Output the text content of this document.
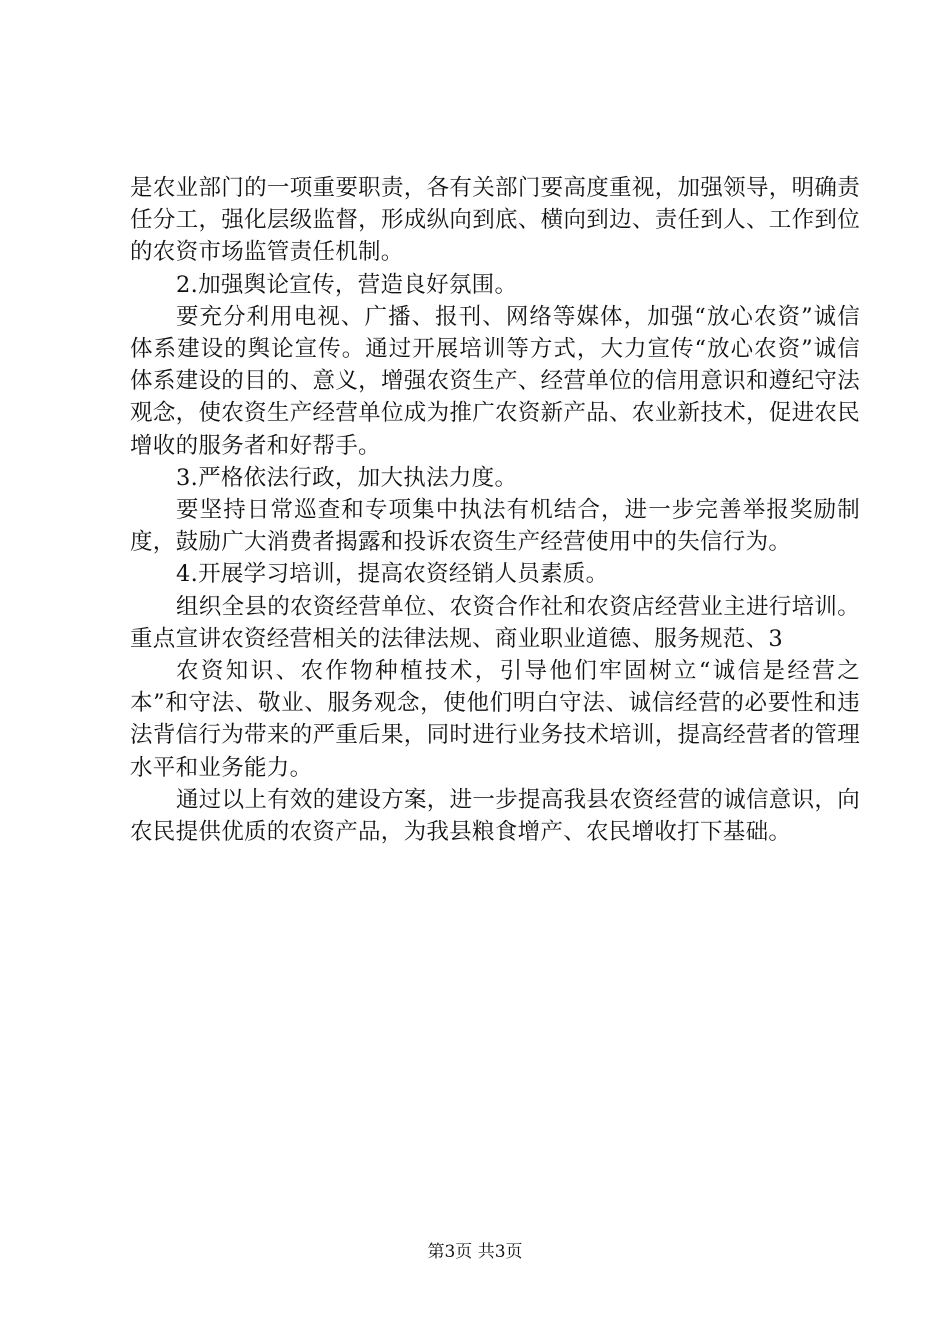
是农业部门的一项重要职责，各有关部门要高度重视，加强领导，明确责任分工，强化层级监督，形成纵向到底、横向到边、责任到人、工作到位的农资市场监管责任机制。

2.加强舆论宣传，营造良好氛围。

要充分利用电视、广播、报刊、网络等媒体，加强“放心农资”诚信体系建设的舆论宣传。通过开展培训等方式，大力宣传“放心农资”诚信体系建设的目的、意义，增强农资生产、经营单位的信用意识和遵纪守法观念，使农资生产经营单位成为推广农资新产品、农业新技术，促进农民增收的服务者和好帮手。

3.严格依法行政，加大执法力度。

要坚持日常巡查和专项集中执法有机结合，进一步完善举报奖励制度，鼓励广大消费者揭露和投诉农资生产经营使用中的失信行为。

4.开展学习培训，提高农资经销人员素质。

组织全县的农资经营单位、农资合作社和农资店经营业主进行培训。重点宣讲农资经营相关的法律法规、商业职业道德、服务规范、3

农资知识、农作物种植技术，引导他们牢固树立“诚信是经营之本”和守法、敬业、服务观念，使他们明白守法、诚信经营的必要性和违法背信行为带来的严重后果，同时进行业务技术培训，提高经营者的管理水平和业务能力。

通过以上有效的建设方案，进一步提高我县农资经营的诚信意识，向农民提供优质的农资产品，为我县粮食增产、农民增收打下基础。

第3页 共3页
